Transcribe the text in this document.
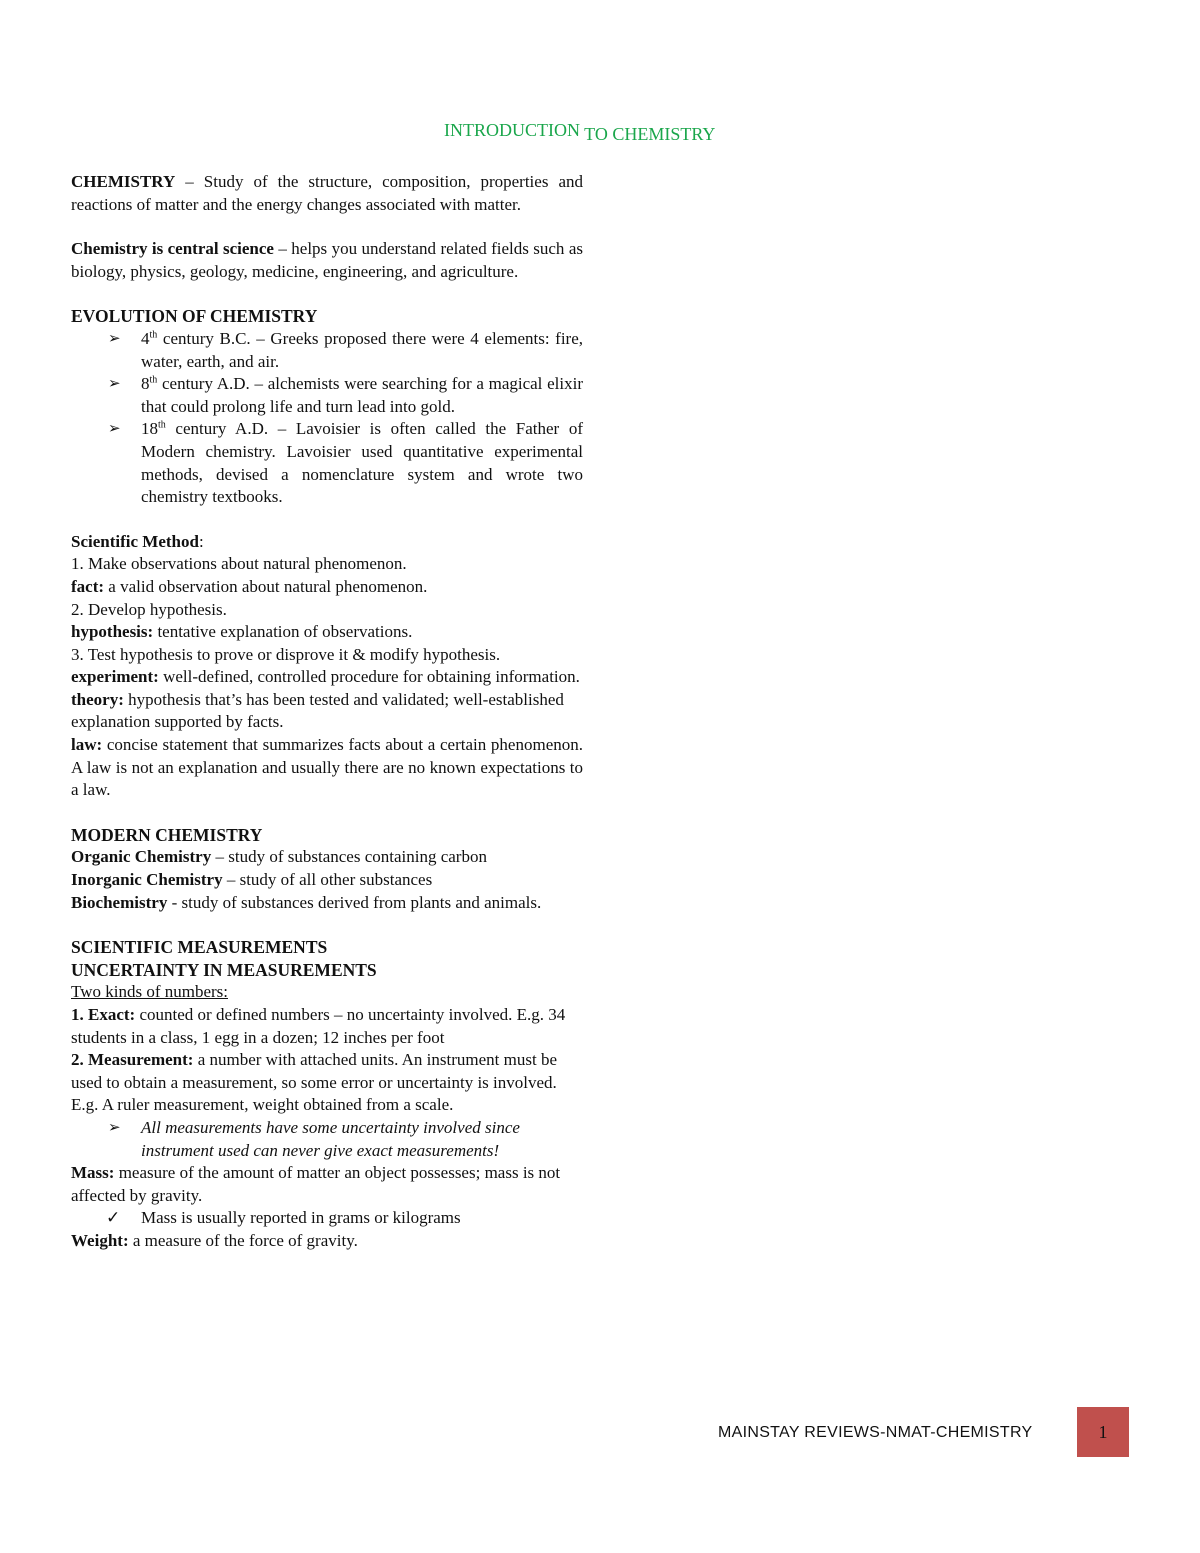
INTRODUCTION TO CHEMISTRY

CHEMISTRY – Study of the structure, composition, properties and reactions of matter and the energy changes associated with matter.

Chemistry is central science – helps you understand related fields such as biology, physics, geology, medicine, engineering, and agriculture.

EVOLUTION OF CHEMISTRY

➢ 4th century B.C. – Greeks proposed there were 4 elements: fire, water, earth, and air.
➢ 8th century A.D. – alchemists were searching for a magical elixir that could prolong life and turn lead into gold.
➢ 18th century A.D. – Lavoisier is often called the Father of Modern chemistry. Lavoisier used quantitative experimental methods, devised a nomenclature system and wrote two chemistry textbooks.

Scientific Method:

1. Make observations about natural phenomenon.

fact: a valid observation about natural phenomenon.

2. Develop hypothesis.

hypothesis: tentative explanation of observations.

3. Test hypothesis to prove or disprove it & modify hypothesis.

experiment: well-defined, controlled procedure for obtaining information.

theory: hypothesis that’s has been tested and validated; well-established explanation supported by facts.

law: concise statement that summarizes facts about a certain phenomenon. A law is not an explanation and usually there are no known expectations to a law.

MODERN CHEMISTRY

Organic Chemistry – study of substances containing carbon

Inorganic Chemistry – study of all other substances

Biochemistry - study of substances derived from plants and animals.

SCIENTIFIC MEASUREMENTS

UNCERTAINTY IN MEASUREMENTS

Two kinds of numbers:

1. Exact: counted or defined numbers – no uncertainty involved. E.g. 34 students in a class, 1 egg in a dozen; 12 inches per foot

2. Measurement: a number with attached units. An instrument must be used to obtain a measurement, so some error or uncertainty is involved. E.g. A ruler measurement, weight obtained from a scale.

➢ All measurements have some uncertainty involved since instrument used can never give exact measurements!

Mass: measure of the amount of matter an object possesses; mass is not affected by gravity.

✓ Mass is usually reported in grams or kilograms

Weight: a measure of the force of gravity.

MAINSTAY REVIEWS-NMAT-CHEMISTRY	1
